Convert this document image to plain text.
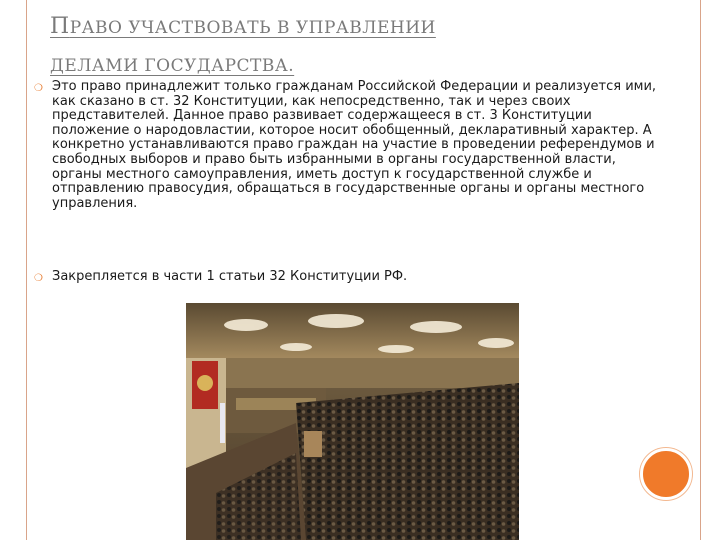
ПРАВО УЧАСТВОВАТЬ В УПРАВЛЕНИИ
ДЕЛАМИ ГОСУДАРСТВА.
❍ Это право принадлежит только гражданам Российской Федерации и реализуется ими, как сказано в ст. 32 Конституции, как непосредственно, так и через своих представителей. Данное право развивает содержащееся в ст. 3 Конституции положение о народовластии, которое носит обобщенный, декларативный характер. А конкретно устанавливаются право граждан на участие в проведении референдумов и свободных выборов и право быть избранными в органы государственной власти, органы местного самоуправления, иметь доступ к государственной службе и отправлению правосудия, обращаться в государственные органы и органы местного управления.
❍ Закрепляется в части 1 статьи 32 Конституции РФ.
